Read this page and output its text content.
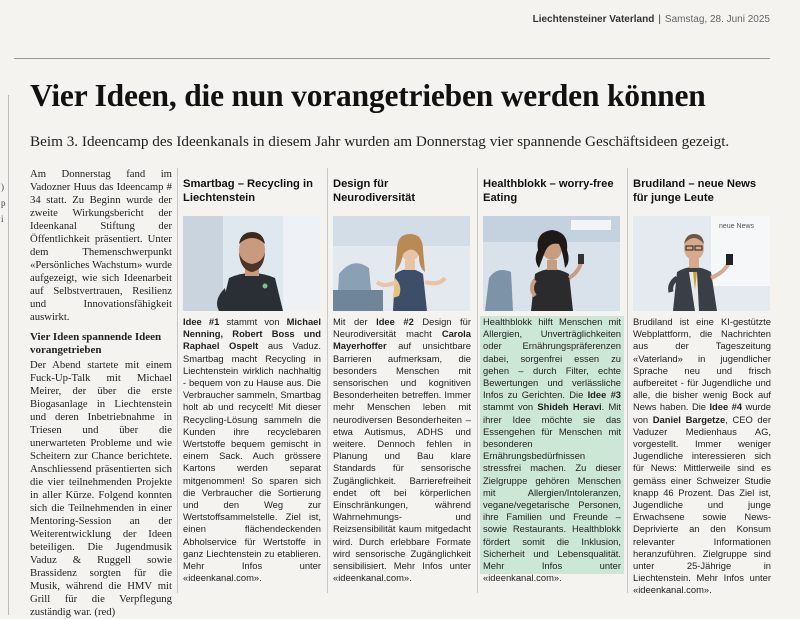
Liechtensteiner Vaterland | Samstag, 28. Juni 2025
)
p
i
Vier Ideen, die nun vorangetrieben werden können

Beim 3. Ideencamp des Ideenkanals in diesem Jahr wurden am Donnerstag vier spannende Geschäftsideen gezeigt.

Am Donnerstag fand im Vadozner Huus das Ideencamp # 34 statt. Zu Beginn wurde der zweite Wirkungsbericht der Ideenkanal Stiftung der Öffentlichkeit präsentiert. Unter dem Themenschwerpunkt «Persönliches Wachstum» wurde aufgezeigt, wie sich Ideenarbeit auf Selbstvertrauen, Resilienz und Innovationsfähigkeit auswirkt.

Vier Ideen spannende Ideen vorangetrieben

Der Abend startete mit einem Fuck-Up-Talk mit Michael Meirer, der über die erste Biogasanlage in Liechtenstein und deren Inbetriebnahme in Triesen und über die unerwarteten Probleme und wie Scheitern zur Chance berichtete. Anschliessend präsentierten sich die vier teilnehmenden Projekte in aller Kürze. Folgend konnten sich die Teilnehmenden in einer Mentoring-Session an der Weiterentwicklung der Ideen beteiligen. Die Jugendmusik Vaduz & Ruggell sowie Brassidenz sorgten für die Musik, während die HMV mit Grill für die Verpflegung zuständig war. (red)

Smartbag – Recycling in Liechtenstein
Idee #1 stammt von Michael Nenning, Robert Boss und Raphael Ospelt aus Vaduz. Smartbag macht Recycling in Liechtenstein wirklich nachhaltig - bequem von zu Hause aus. Die Verbraucher sammeln, Smartbag holt ab und recycelt! Mit dieser Recycling-Lösung sammeln die Kunden ihre recyclebaren Wertstoffe bequem gemischt in einem Sack. Auch grössere Kartons werden separat mitgenommen! So sparen sich die Verbraucher die Sortierung und den Weg zur Wertstoffsammelstelle. Ziel ist, einen flächendeckenden Abholservice für Wertstoffe in ganz Liechtenstein zu etablieren. Mehr Infos unter «ideenkanal.com».
Design für Neurodiversität
Mit der Idee #2 Design für Neurodiversität macht Carola Mayerhoffer auf unsichtbare Barrieren aufmerksam, die besonders Menschen mit sensorischen und kognitiven Besonderheiten betreffen. Immer mehr Menschen leben mit neurodiversen Besonderheiten – etwa Autismus, ADHS und weitere. Dennoch fehlen in Planung und Bau klare Standards für sensorische Zugänglichkeit. Barrierefreiheit endet oft bei körperlichen Einschränkungen, während Wahrnehmungs- und Reizsensibilität kaum mitgedacht wird. Durch erlebbare Formate wird sensorische Zugänglichkeit sensibilisiert. Mehr Infos unter «ideenkanal.com».
Healthblokk – worry-free Eating
Healthblokk hilft Menschen mit Allergien, Unverträglichkeiten oder Ernährungspräferenzen dabei, sorgenfrei essen zu gehen – durch Filter, echte Bewertungen und verlässliche Infos zu Gerichten. Die Idee #3 stammt von Shideh Heravi. Mit ihrer Idee möchte sie das Essengehen für Menschen mit besonderen Ernährungsbedürfnissen stressfrei machen. Zu dieser Zielgruppe gehören Menschen mit Allergien/Intoleranzen, vegane/vegetarische Personen, ihre Familien und Freunde – sowie Restaurants. Healthblokk fördert somit die Inklusion, Sicherheit und Lebensqualität. Mehr Infos unter «ideenkanal.com».
Brudiland – neue News für junge Leute
neue News
Brudiland ist eine KI-gestützte Webplattform, die Nachrichten aus der Tageszeitung «Vaterland» in jugendlicher Sprache neu und frisch aufbereitet - für Jugendliche und alle, die bisher wenig Bock auf News haben. Die Idee #4 wurde von Daniel Bargetze, CEO der Vaduzer Medienhaus AG, vorgestellt. Immer weniger Jugendliche interessieren sich für News: Mittlerweile sind es gemäss einer Schweizer Studie knapp 46 Prozent. Das Ziel ist, Jugendliche und junge Erwachsene sowie News-Deprivierte an den Konsum relevanter Informationen heranzuführen. Zielgruppe sind unter 25-Jährige in Liechtenstein. Mehr Infos unter «ideenkanal.com».
